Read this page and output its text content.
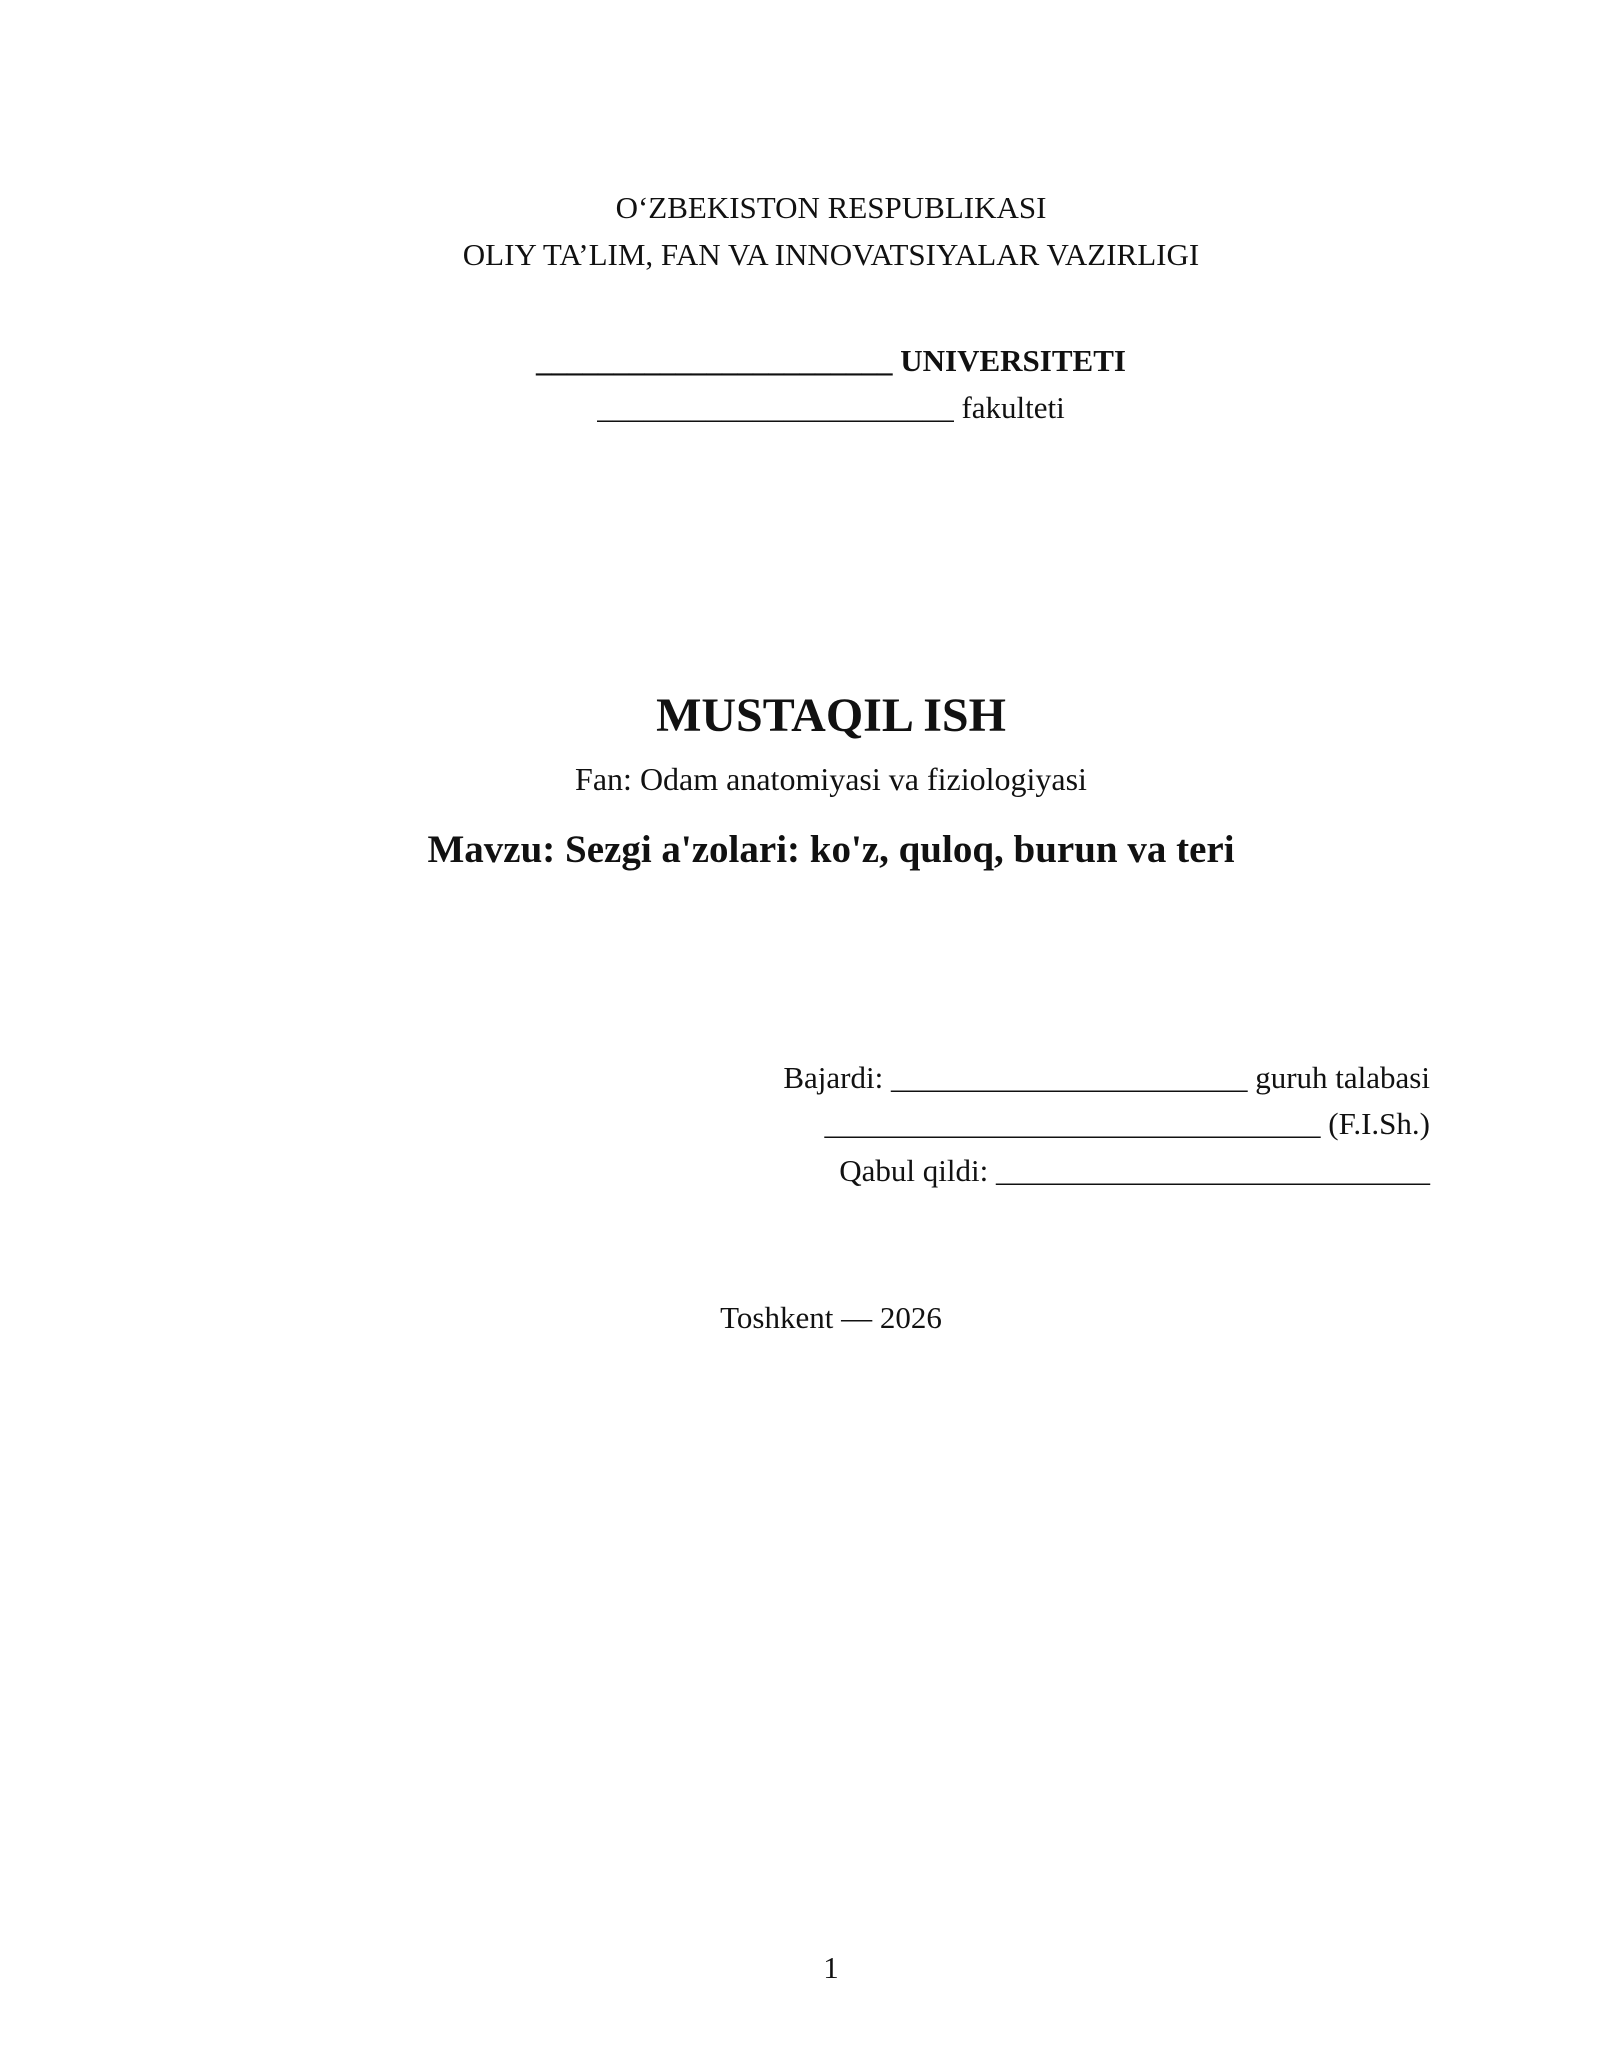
O‘ZBEKISTON RESPUBLIKASI
OLIY TA’LIM, FAN VA INNOVATSIYALAR VAZIRLIGI
_______________________ UNIVERSITETI
_______________________ fakulteti
MUSTAQIL ISH
Fan: Odam anatomiyasi va fiziologiyasi
Mavzu: Sezgi a'zolari: ko'z, quloq, burun va teri
Bajardi: _______________________ guruh talabasi
________________________________ (F.I.Sh.)
Qabul qildi: ____________________________
Toshkent — 2026
1
